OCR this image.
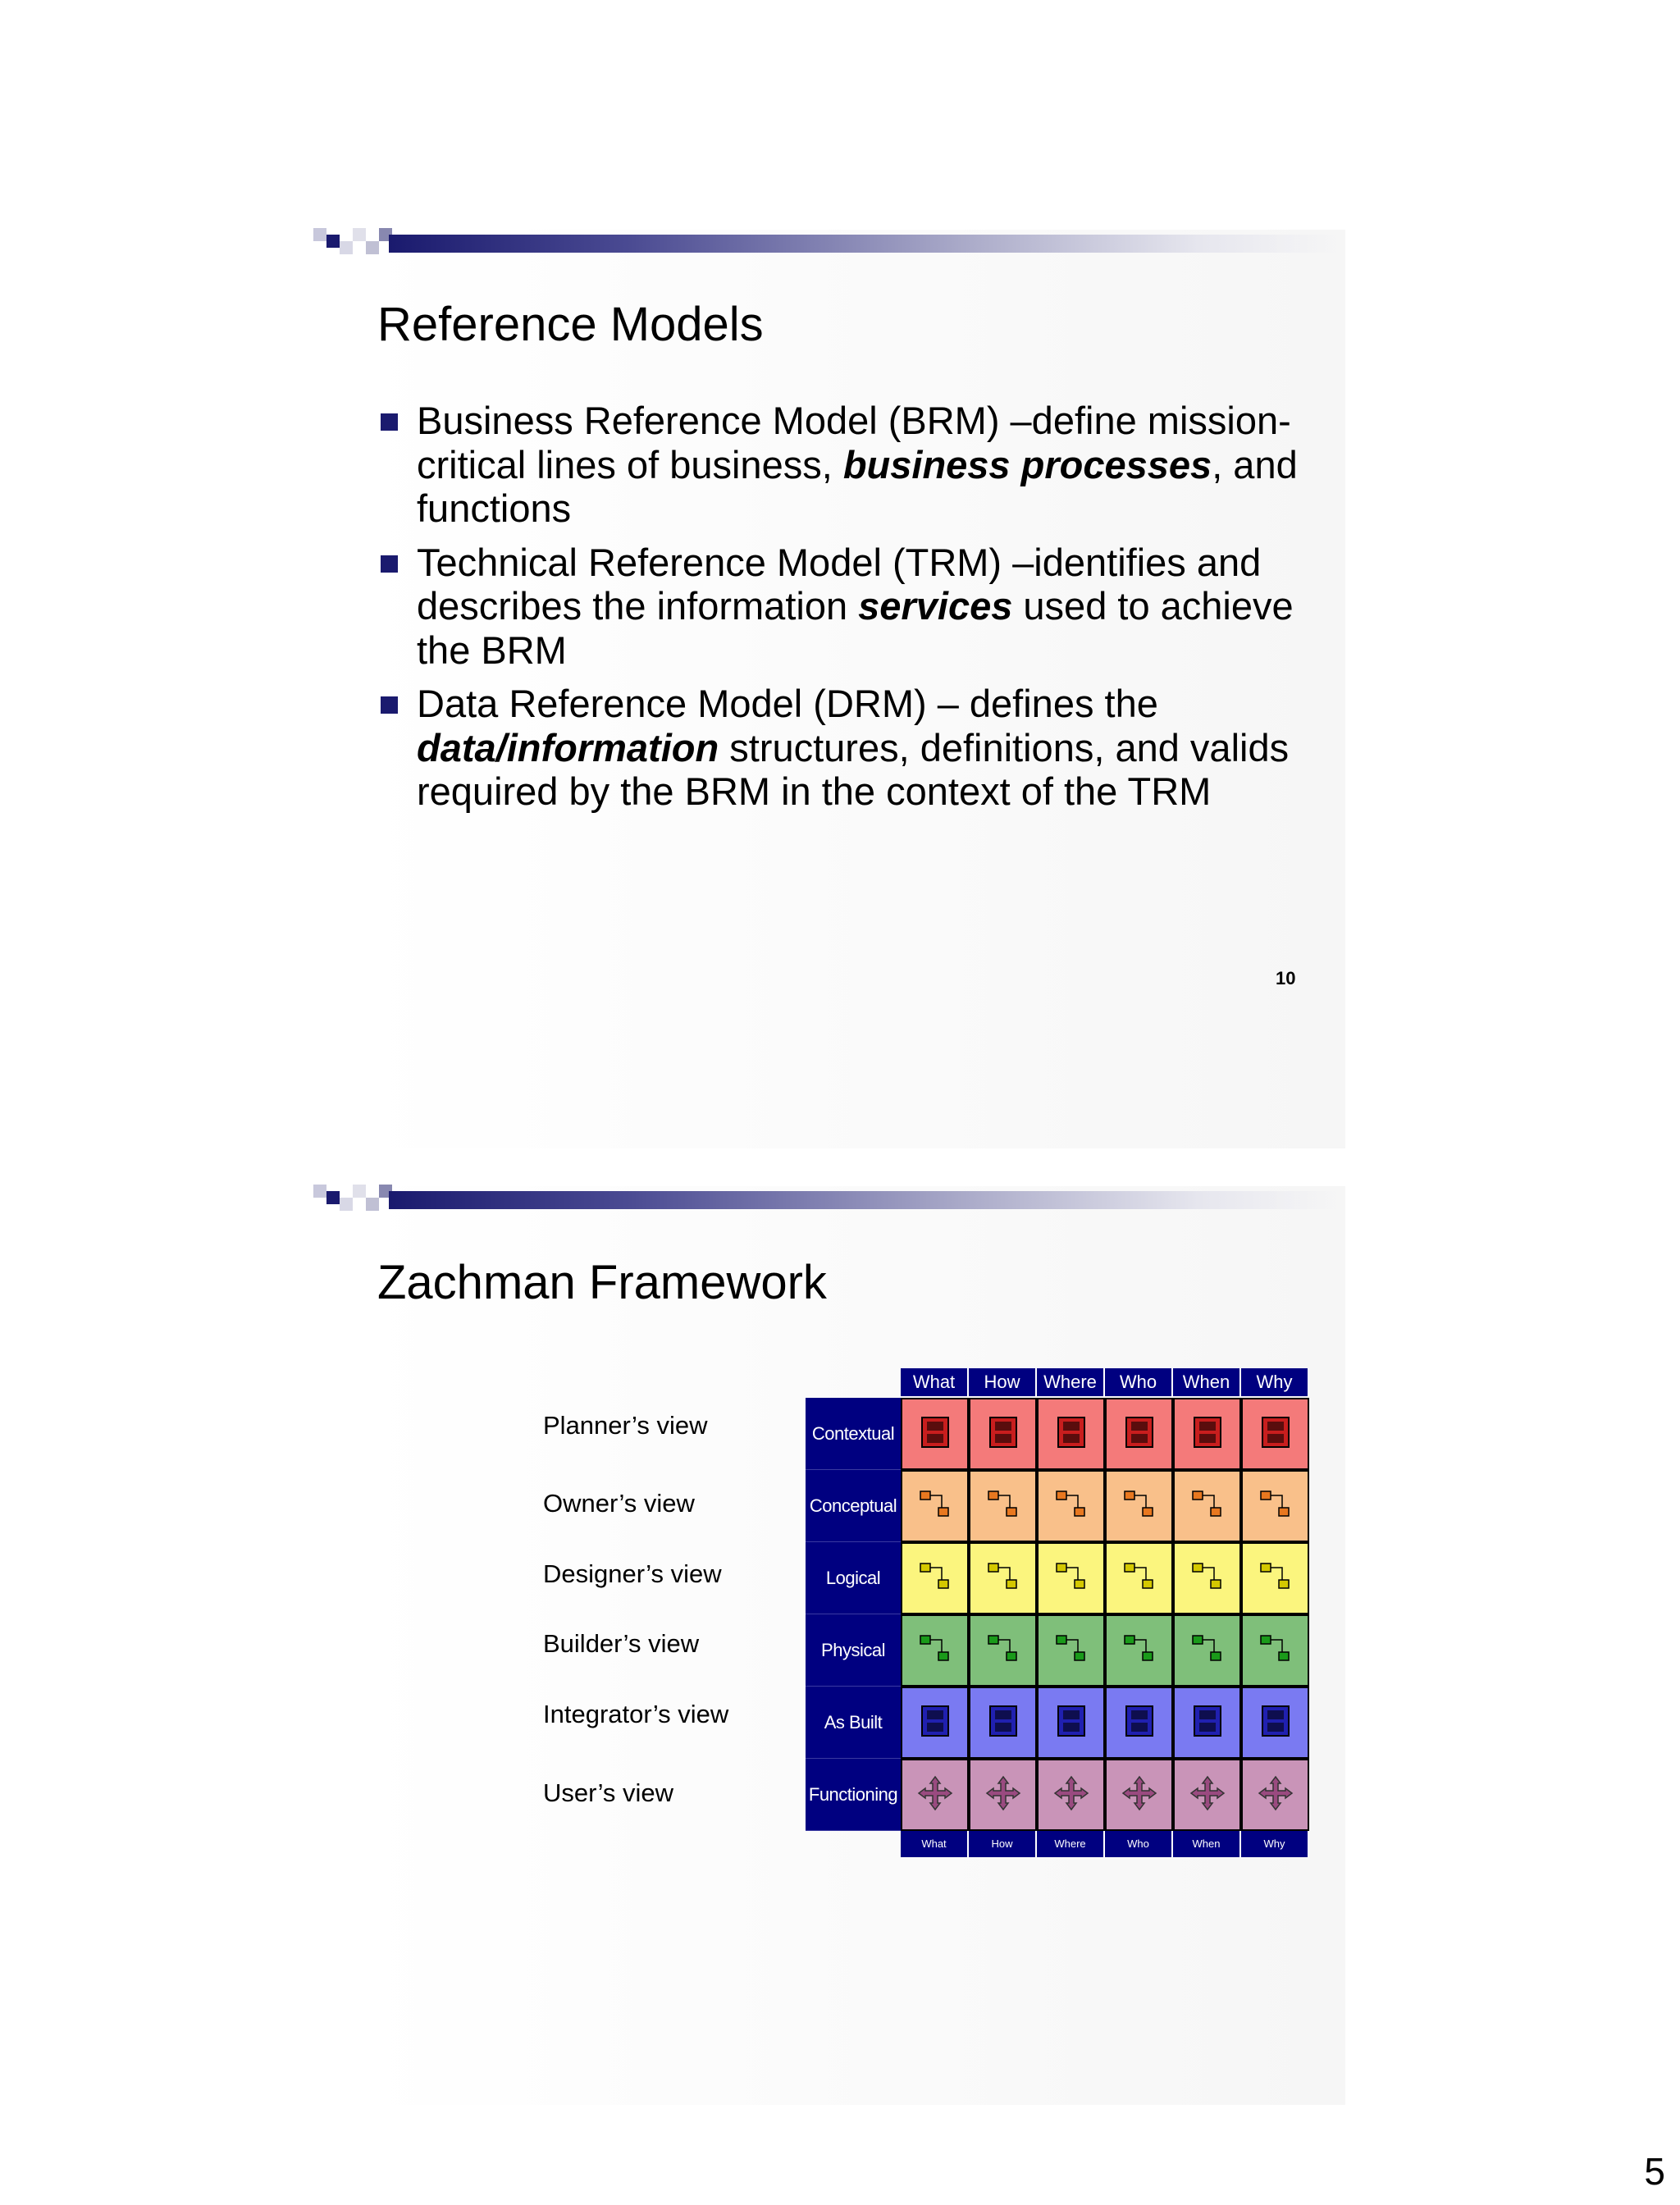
Reference Models
Business Reference Model (BRM) –define mission-critical lines of business, business processes, and functions
Technical Reference Model (TRM) –identifies and describes the information services used to achieve the BRM
Data Reference Model (DRM) – defines the data/information structures, definitions, and valids required by the BRM in the context of the TRM
10
Zachman Framework
Planner’s view
Owner’s view
Designer’s view
Builder’s view
Integrator’s view
User’s view
What
What
How
How
Where
Where
Who
Who
When
When
Why
Why
Contextual
Conceptual
Logical
Physical
As Built
Functioning
5
